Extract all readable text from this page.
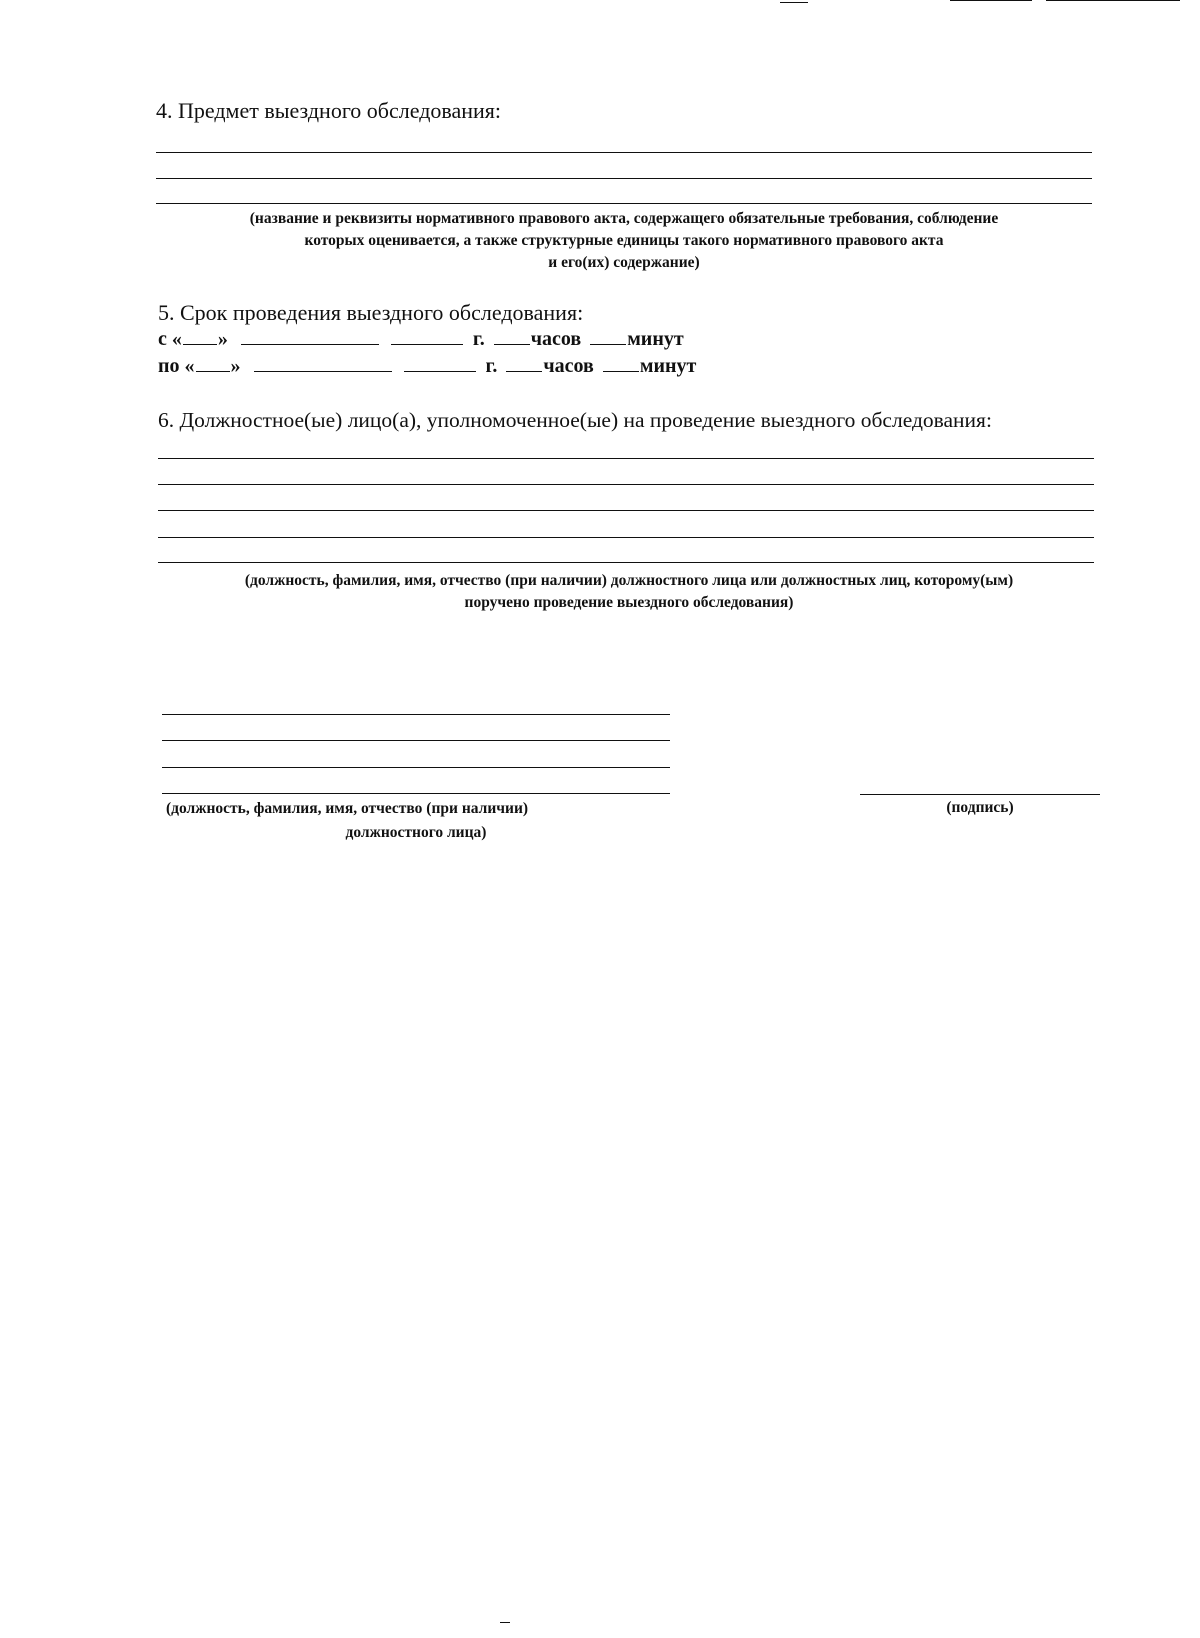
4. Предмет выездного обследования:
(название и реквизиты нормативного правового акта, содержащего обязательные требования, соблюдение
которых оценивается, а также структурные единицы такого нормативного правового акта
и его(их) содержание)
5. Срок проведения выездного обследования:
с « »	г. часов минут
по « »	г. часов минут
6. Должностное(ые) лицо(а), уполномоченное(ые) на проведение выездного обследования:
(должность, фамилия, имя, отчество (при наличии) должностного лица или должностных лиц, которому(ым)
поручено проведение выездного обследования)
(должность, фамилия, имя, отчество (при наличии)
должностного лица)
(подпись)
